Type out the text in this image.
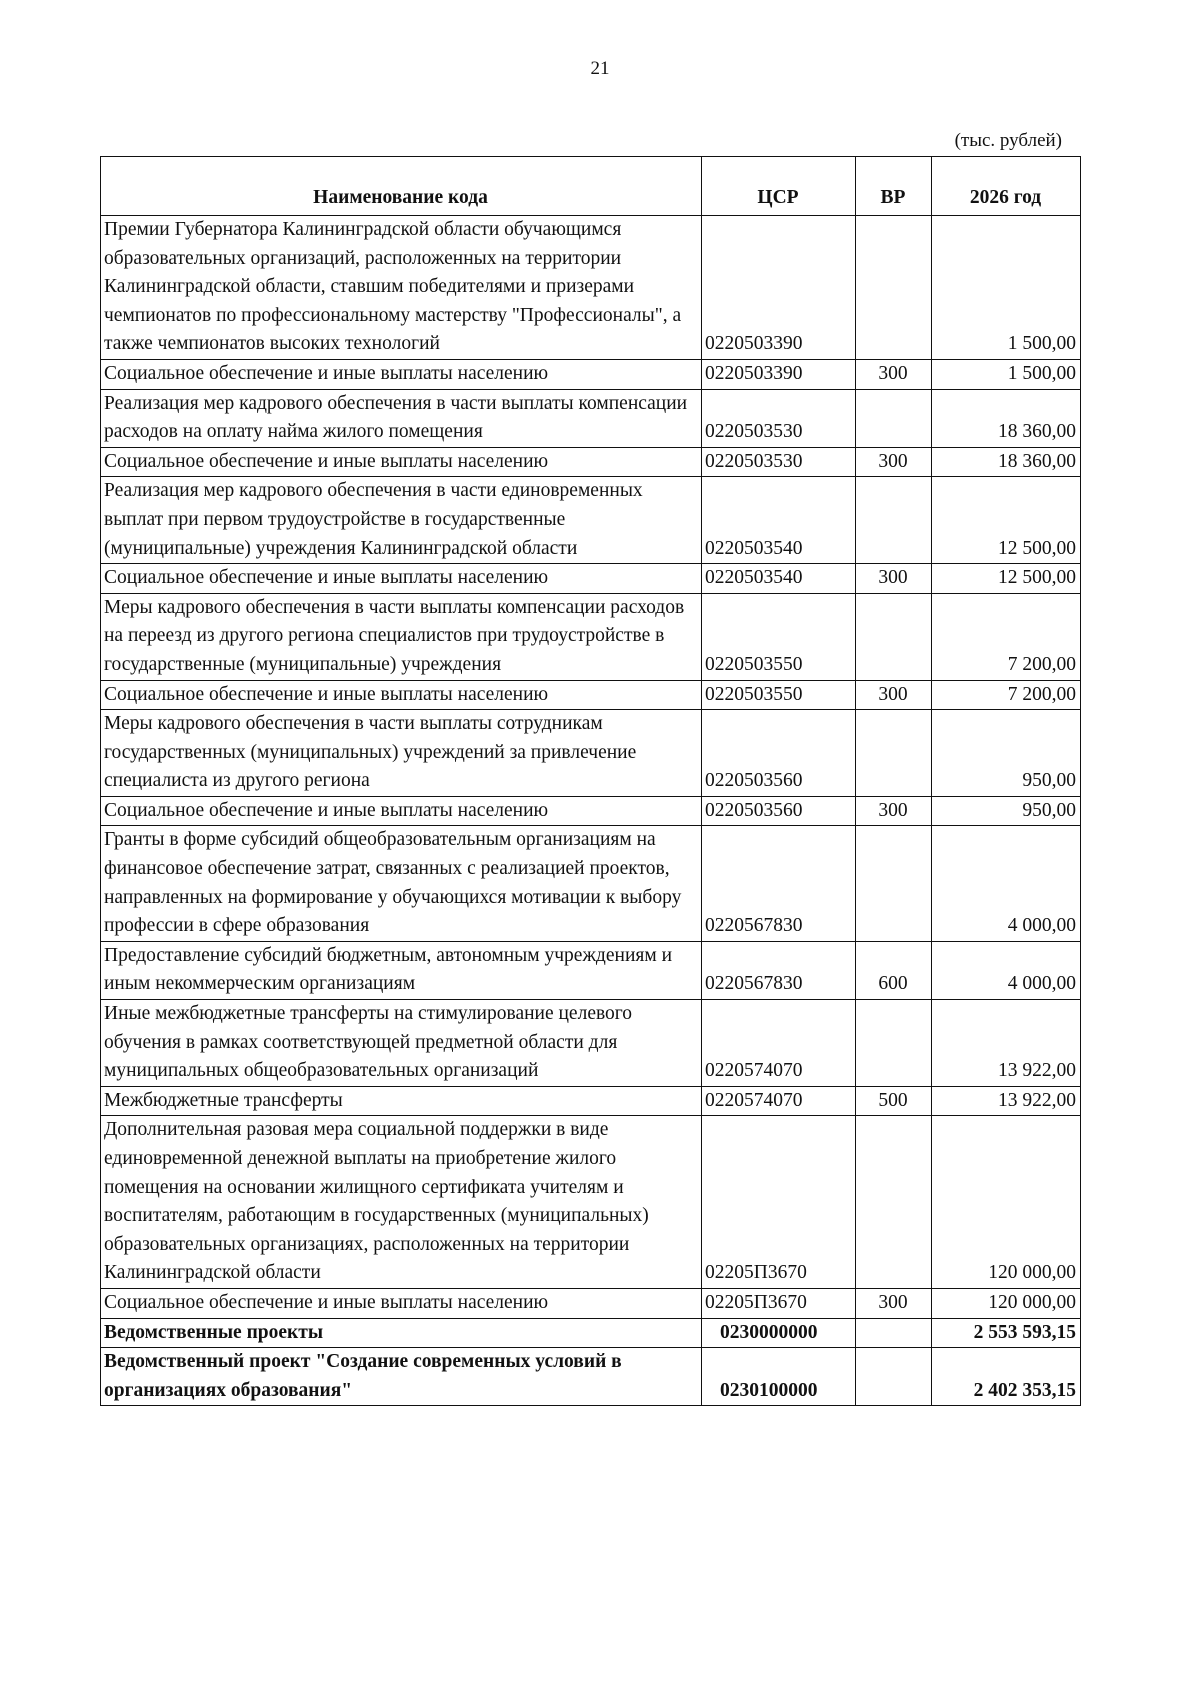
21
(тыс. рублей)
Наименование кода	ЦСР	ВР	2026 год
Премии Губернатора Калининградской области обучающимся образовательных организаций, расположенных на территории Калининградской области, ставшим победителями и призерами чемпионатов по профессиональному мастерству "Профессионалы", а также чемпионатов высоких технологий	0220503390		1 500,00
Социальное обеспечение и иные выплаты населению	0220503390	300	1 500,00
Реализация мер кадрового обеспечения в части выплаты компенсации расходов на оплату найма жилого помещения	0220503530		18 360,00
Социальное обеспечение и иные выплаты населению	0220503530	300	18 360,00
Реализация мер кадрового обеспечения в части единовременных выплат при первом трудоустройстве в государственные (муниципальные) учреждения Калининградской области	0220503540		12 500,00
Социальное обеспечение и иные выплаты населению	0220503540	300	12 500,00
Меры кадрового обеспечения в части выплаты компенсации расходов на переезд из другого региона специалистов при трудоустройстве в государственные (муниципальные) учреждения	0220503550		7 200,00
Социальное обеспечение и иные выплаты населению	0220503550	300	7 200,00
Меры кадрового обеспечения в части выплаты сотрудникам государственных (муниципальных) учреждений за привлечение специалиста из другого региона	0220503560		950,00
Социальное обеспечение и иные выплаты населению	0220503560	300	950,00
Гранты в форме субсидий общеобразовательным организациям на финансовое обеспечение затрат, связанных с реализацией проектов, направленных на формирование у обучающихся мотивации к выбору профессии в сфере образования	0220567830		4 000,00
Предоставление субсидий бюджетным, автономным учреждениям и иным некоммерческим организациям	0220567830	600	4 000,00
Иные межбюджетные трансферты на стимулирование целевого обучения в рамках соответствующей предметной области для муниципальных общеобразовательных организаций	0220574070		13 922,00
Межбюджетные трансферты	0220574070	500	13 922,00
Дополнительная разовая мера социальной поддержки в виде единовременной денежной выплаты на приобретение жилого помещения на основании жилищного сертификата учителям и воспитателям, работающим в государственных (муниципальных) образовательных организациях, расположенных на территории Калининградской области	02205П3670		120 000,00
Социальное обеспечение и иные выплаты населению	02205П3670	300	120 000,00
Ведомственные проекты	0230000000		2 553 593,15
Ведомственный проект "Создание современных условий в организациях образования"	0230100000		2 402 353,15
